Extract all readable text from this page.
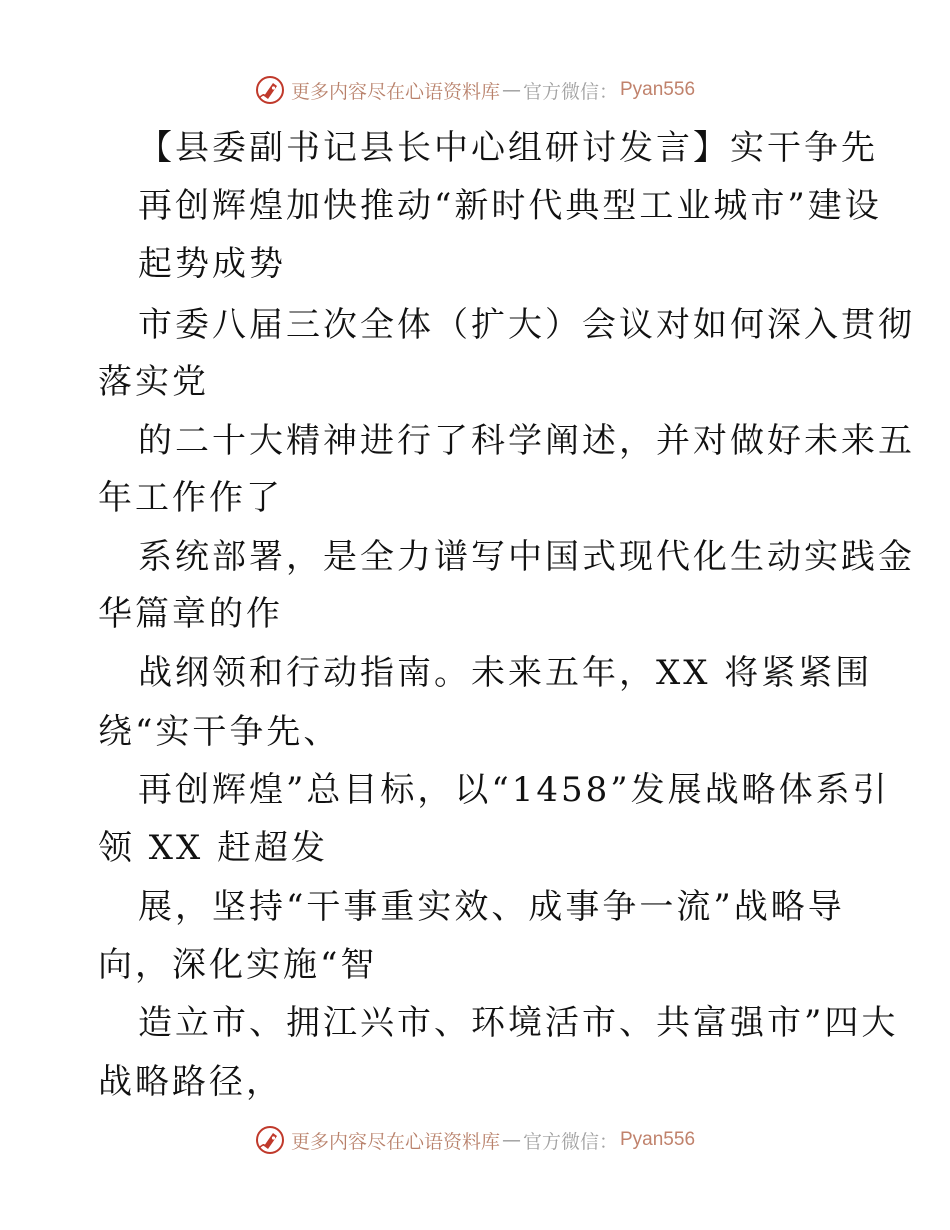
更多内容尽在心语资料库 — 官方微信： Pyan556
【县委副书记县长中心组研讨发言】实干争先
再创辉煌加快推动“新时代典型工业城市”建设
起势成势
市委八届三次全体（扩大）会议对如何深入贯彻
落实党
的二十大精神进行了科学阐述，并对做好未来五
年工作作了
系统部署，是全力谱写中国式现代化生动实践金
华篇章的作
战纲领和行动指南。未来五年，XX 将紧紧围
绕“实干争先、
再创辉煌”总目标，以“1458”发展战略体系引
领 XX 赶超发
展，坚持“干事重实效、成事争一流”战略导
向，深化实施“智
造立市、拥江兴市、环境活市、共富强市”四大
战略路径，
更多内容尽在心语资料库 — 官方微信： Pyan556
